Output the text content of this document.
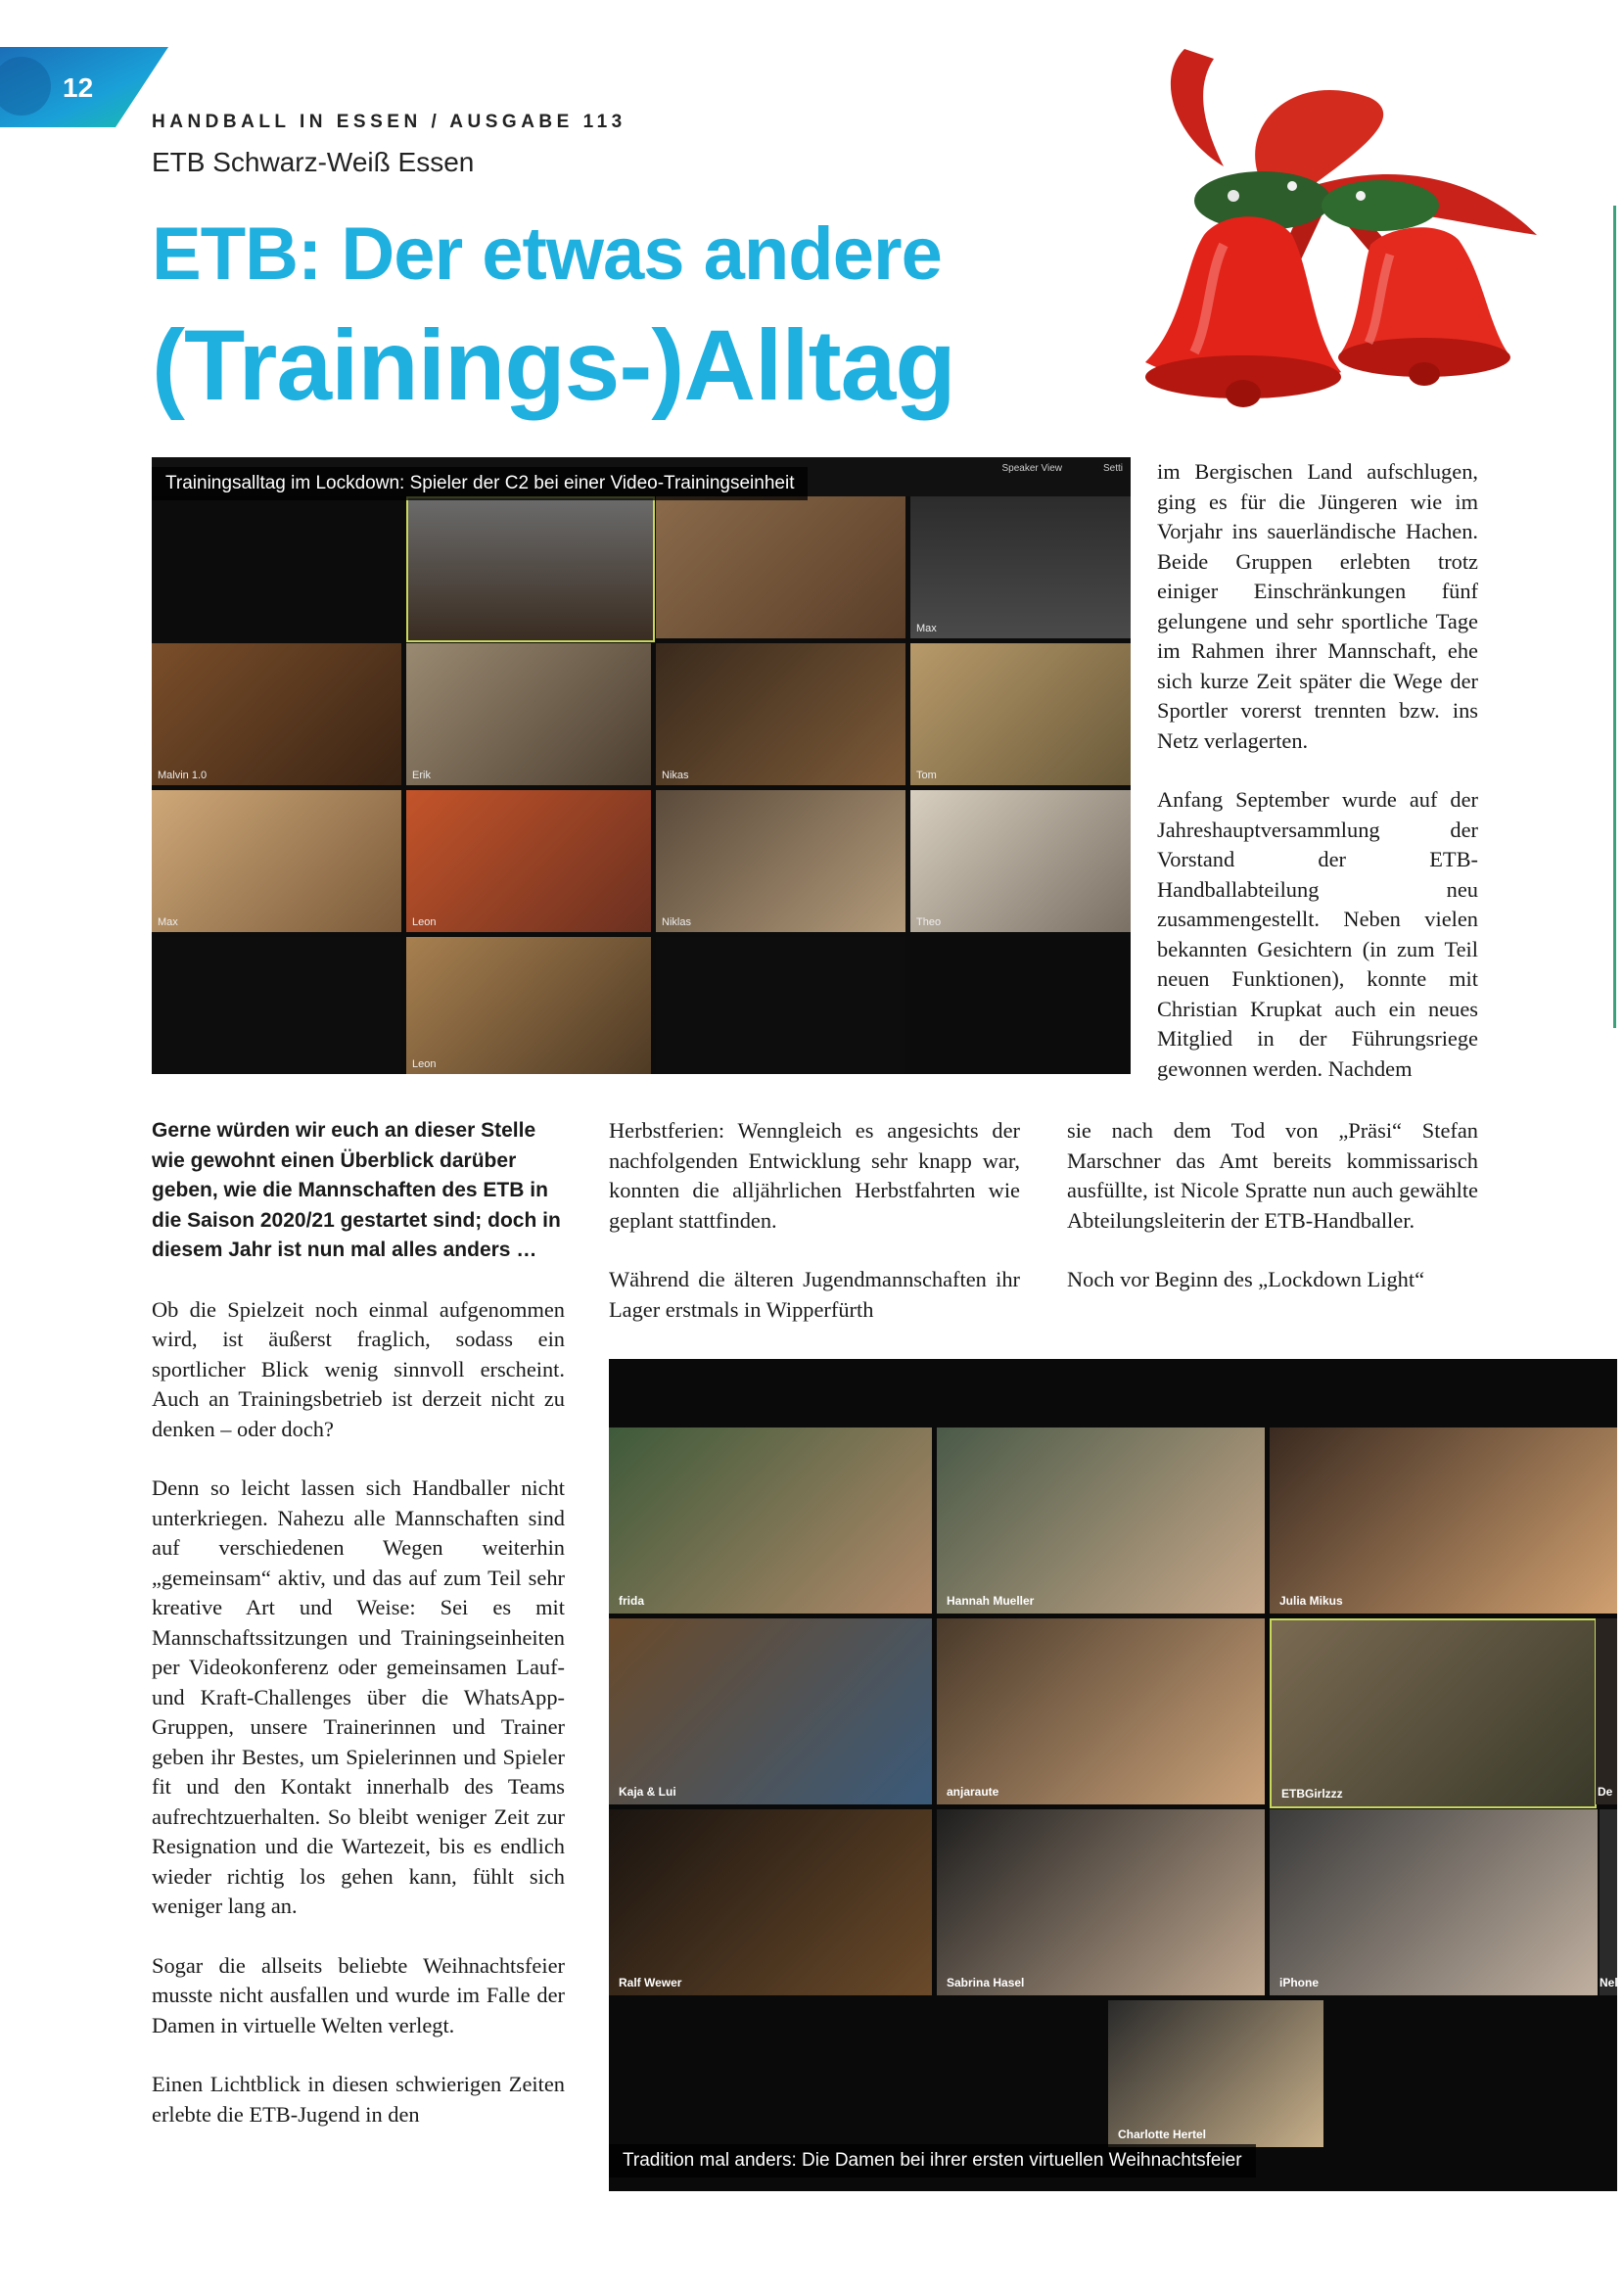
12
HANDBALL IN ESSEN / AUSGABE 113
ETB Schwarz-Weiß Essen
ETB: Der etwas andere
(Trainings-)Alltag
Speaker View	Setti
Max
Malvin 1.0	Erik	Nikas	Tom
Max	Leon	Niklas	Theo
Leon
Trainingsalltag im Lockdown: Spieler der C2 bei einer Video-Trainingseinheit
frida	Hannah Mueller	Julia Mikus
Kaja & Lui	anjaraute	ETBGirlzzz	De
Ralf Wewer	Sabrina Hasel	iPhone	Nele
Charlotte Hertel
Tradition mal anders: Die Damen bei ihrer ersten virtuellen Weihnachtsfeier

Gerne würden wir euch an dieser Stelle wie gewohnt einen Überblick darüber geben, wie die Mannschaften des ETB in die Saison 2020/21 gestartet sind; doch in diesem Jahr ist nun mal alles anders …

Ob die Spielzeit noch einmal aufgenommen wird, ist äußerst fraglich, sodass ein sportlicher Blick wenig sinnvoll erscheint. Auch an Trainingsbetrieb ist derzeit nicht zu denken – oder doch?

Denn so leicht lassen sich Handballer nicht unterkriegen. Nahezu alle Mannschaften sind auf verschiedenen Wegen weiterhin „gemeinsam“ aktiv, und das auf zum Teil sehr kreative Art und Weise: Sei es mit Mannschaftssitzungen und Trainingseinheiten per Videokonferenz oder gemeinsamen Lauf- und Kraft-Challenges über die WhatsApp-Gruppen, unsere Trainerinnen und Trainer geben ihr Bestes, um Spielerinnen und Spieler fit und den Kontakt innerhalb des Teams aufrechtzuerhalten. So bleibt weniger Zeit zur Resignation und die Wartezeit, bis es endlich wieder richtig los gehen kann, fühlt sich weniger lang an.

Sogar die allseits beliebte Weihnachtsfeier musste nicht ausfallen und wurde im Falle der Damen in virtuelle Welten verlegt.

Einen Lichtblick in diesen schwierigen Zeiten erlebte die ETB-Jugend in den

Herbstferien: Wenngleich es angesichts der nachfolgenden Entwicklung sehr knapp war, konnten die alljährlichen Herbstfahrten wie geplant stattfinden.

Während die älteren Jugendmannschaften ihr Lager erstmals in Wipperfürth

im Bergischen Land aufschlugen, ging es für die Jüngeren wie im Vorjahr ins sauerländische Hachen. Beide Gruppen erlebten trotz einiger Einschränkungen fünf gelungene und sehr sportliche Tage im Rahmen ihrer Mannschaft, ehe sich kurze Zeit später die Wege der Sportler vorerst trennten bzw. ins Netz verlagerten.

Anfang September wurde auf der Jahreshauptversammlung der Vorstand der ETB-Handballabteilung neu zusammengestellt. Neben vielen bekannten Gesichtern (in zum Teil neuen Funktionen), konnte mit Christian Krupkat auch ein neues Mitglied in der Führungsriege gewonnen werden. Nachdem

sie nach dem Tod von „Präsi“ Stefan Marschner das Amt bereits kommissarisch ausfüllte, ist Nicole Spratte nun auch gewählte Abteilungsleiterin der ETB-Handballer.

Noch vor Beginn des „Lockdown Light“
